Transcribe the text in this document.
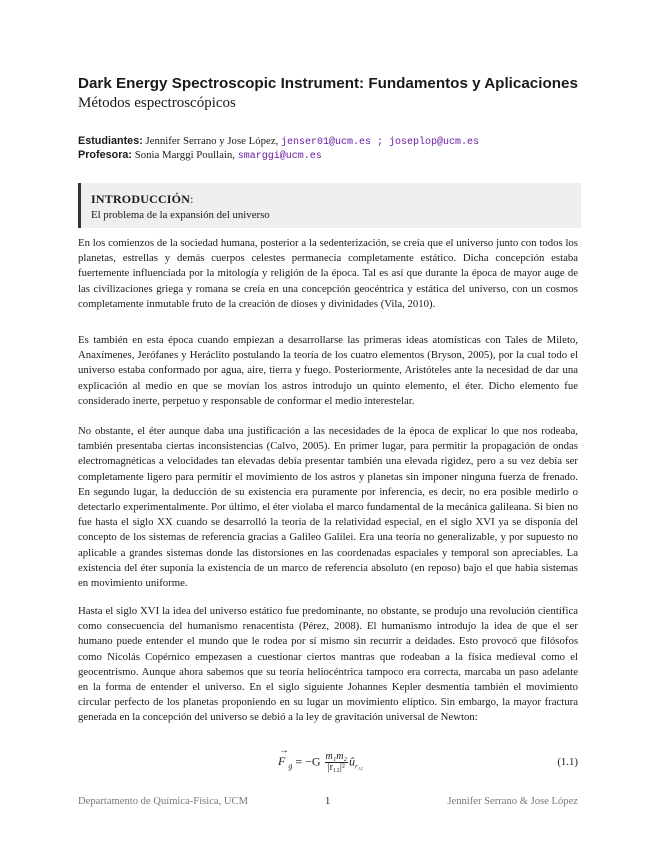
Dark Energy Spectroscopic Instrument: Fundamentos y Aplicaciones
Métodos espectroscópicos
Estudiantes: Jennifer Serrano y Jose López, jenser01@ucm.es ; joseplop@ucm.es
Profesora: Sonia Marggi Poullain, smarggi@ucm.es
INTRODUCCIÓN:
El problema de la expansión del universo

En los comienzos de la sociedad humana, posterior a la sedenterización, se creía que el universo junto con todos los planetas, estrellas y demás cuerpos celestes permanecía completamente estático. Dicha concepción estaba fuertemente influenciada por la mitología y religión de la época. Tal es así que durante la época de mayor auge de las civilizaciones griega y romana se creía en una concepción geocéntrica y estática del universo, con un cosmos completamente inmutable fruto de la creación de dioses y divinidades (Vila, 2010).

Es también en esta época cuando empiezan a desarrollarse las primeras ideas atomísticas con Tales de Mileto, Anaxímenes, Jerófanes y Heráclito postulando la teoría de los cuatro elementos (Bryson, 2005), por la cual todo el universo estaba conformado por agua, aire, tierra y fuego. Posteriormente, Aristóteles ante la necesidad de dar una explicación al medio en que se movían los astros introdujo un quinto elemento, el éter. Dicho elemento fue considerado inerte, perpetuo y responsable de conformar el medio interestelar.

No obstante, el éter aunque daba una justificación a las necesidades de la época de explicar lo que nos rodeaba, también presentaba ciertas inconsistencias (Calvo, 2005). En primer lugar, para permitir la propagación de ondas electromagnéticas a velocidades tan elevadas debía presentar también una elevada rigidez, pero a su vez debía ser completamente ligero para permitir el movimiento de los astros y planetas sin imponer ninguna fuerza de frenado. En segundo lugar, la deducción de su existencia era puramente por inferencia, es decir, no era posible medirlo o detectarlo experimentalmente. Por último, el éter violaba el marco fundamental de la mecánica galileana. Si bien no fue hasta el siglo XX cuando se desarrolló la teoría de la relatividad especial, en el siglo XVI ya se disponía del concepto de los sistemas de referencia gracias a Galileo Galilei. Era una teoría no generalizable, y por supuesto no aplicable a grandes sistemas donde las distorsiones en las coordenadas espaciales y temporal son apreciables. La existencia del éter suponía la existencia de un marco de referencia absoluto (en reposo) bajo el que habia sistemas en movimiento uniforme.

Hasta el siglo XVI la idea del universo estático fue predominante, no obstante, se produjo una revolución científica como consecuencia del humanismo renacentista (Pérez, 2008). El humanismo introdujo la idea de que el ser humano puede entender el mundo que le rodea por sí mismo sin recurrir a deidades. Esto provocó que filósofos como Nicolás Copérnico empezasen a cuestionar ciertos mantras que rodeaban a la física medieval como el geocentrismo. Aunque ahora sabemos que su teoría heliocéntrica tampoco era correcta, marcaba un paso adelante en la forma de entender el universo. En el siglo siguiente Johannes Kepler desmentía también el movimiento circular perfecto de los planetas proponiendo en su lugar un movimiento elíptico. Sin embargo, la mayor fractura generada en la concepción del universo se debió a la ley de gravitación universal de Newton:

→
F $_g = -G \frac{\text{m₁m₂}}{\text{|r₁₂|²}}$ $û_{r_{12}}$	(1.1)
Departamento de Química-Física, UCM	1	Jennifer Serrano & Jose López
